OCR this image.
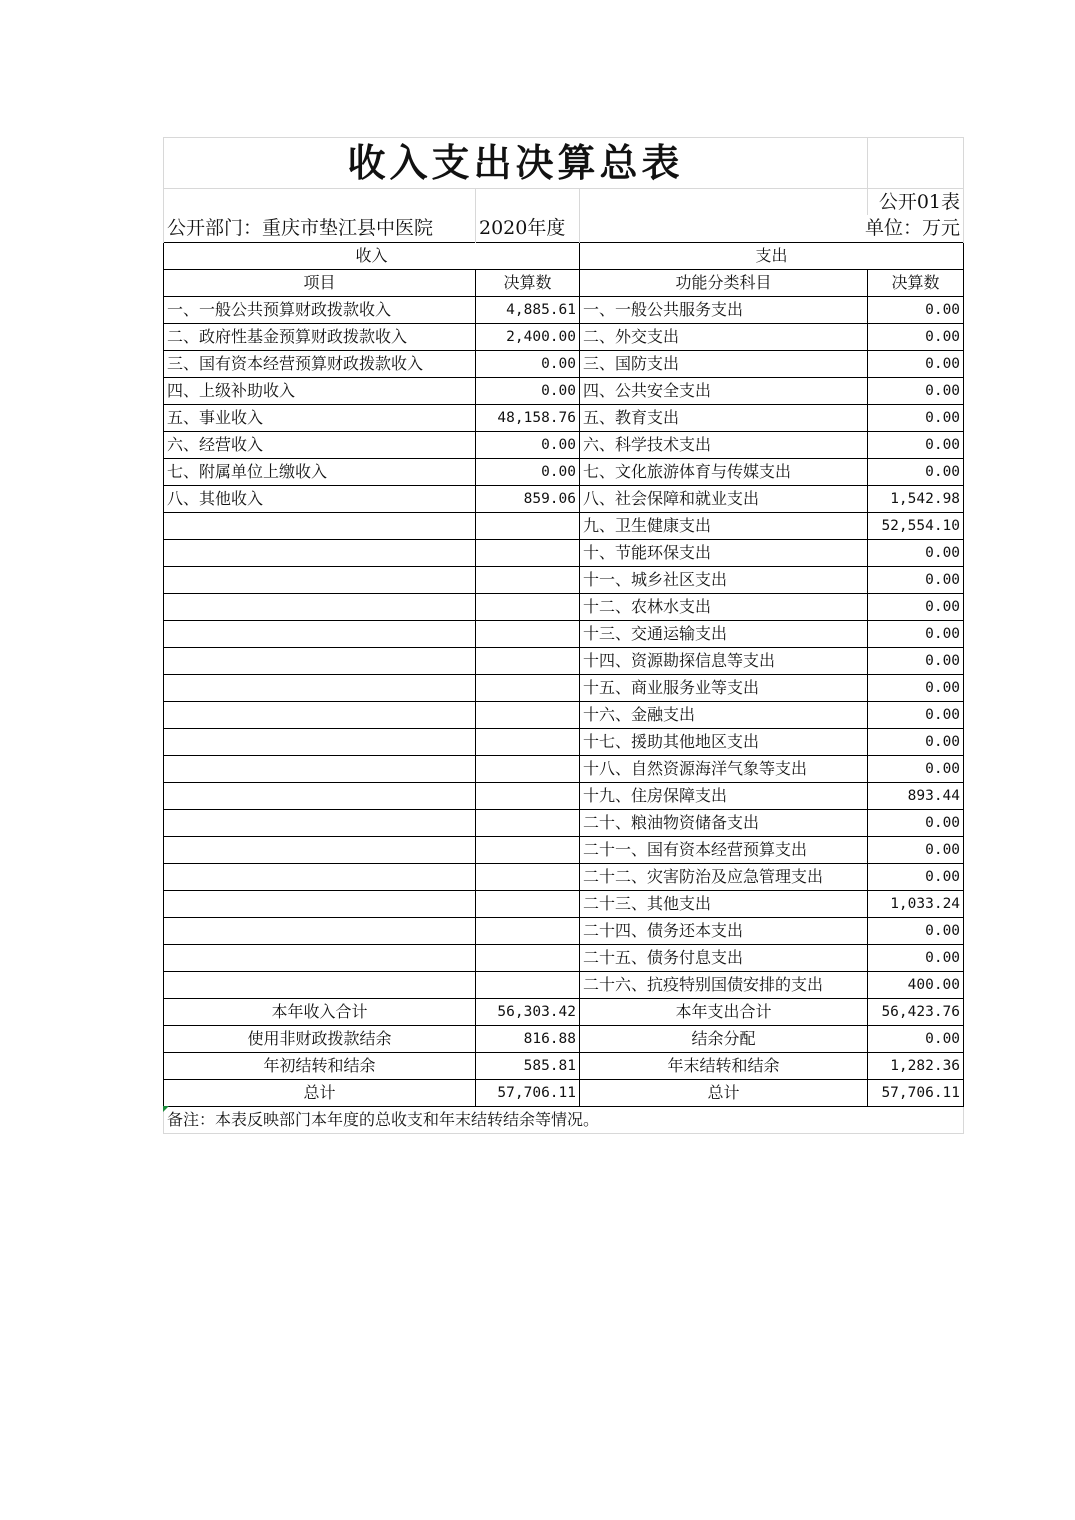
收入支出决算总表			
			公开01表
公开部门：重庆市垫江县中医院	2020年度	单位：万元	
收入		支出	
项目	决算数	功能分类科目	决算数
一、一般公共预算财政拨款收入	4,885.61	一、一般公共服务支出	0.00
二、政府性基金预算财政拨款收入	2,400.00	二、外交支出	0.00
三、国有资本经营预算财政拨款收入	0.00	三、国防支出	0.00
四、上级补助收入	0.00	四、公共安全支出	0.00
五、事业收入	48,158.76	五、教育支出	0.00
六、经营收入	0.00	六、科学技术支出	0.00
七、附属单位上缴收入	0.00	七、文化旅游体育与传媒支出	0.00
八、其他收入	859.06	八、社会保障和就业支出	1,542.98
		九、卫生健康支出	52,554.10
		十、节能环保支出	0.00
		十一、城乡社区支出	0.00
		十二、农林水支出	0.00
		十三、交通运输支出	0.00
		十四、资源勘探信息等支出	0.00
		十五、商业服务业等支出	0.00
		十六、金融支出	0.00
		十七、援助其他地区支出	0.00
		十八、自然资源海洋气象等支出	0.00
		十九、住房保障支出	893.44
		二十、粮油物资储备支出	0.00
		二十一、国有资本经营预算支出	0.00
		二十二、灾害防治及应急管理支出	0.00
		二十三、其他支出	1,033.24
		二十四、债务还本支出	0.00
		二十五、债务付息支出	0.00
		二十六、抗疫特别国债安排的支出	400.00
本年收入合计	56,303.42	本年支出合计	56,423.76
使用非财政拨款结余	816.88	结余分配	0.00
年初结转和结余	585.81	年末结转和结余	1,282.36
总计	57,706.11	总计	57,706.11
备注：本表反映部门本年度的总收支和年末结转结余等情况。			
